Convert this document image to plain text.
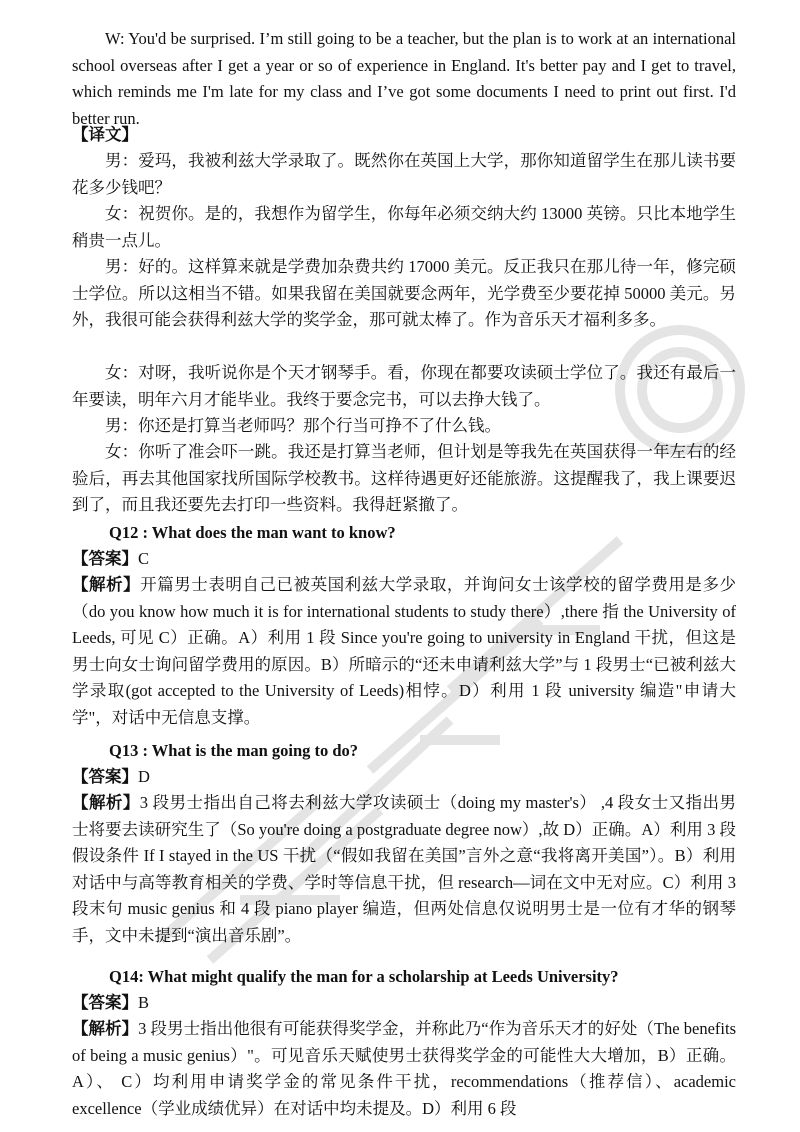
W: You'd be surprised. I’m still going to be a teacher, but the plan is to work at an international school overseas after I get a year or so of experience in England. It's better pay and I get to travel, which reminds me I'm late for my class and I’ve got some documents I need to print out first. I'd better run.

【译文】

男：爱玛，我被利兹大学录取了。既然你在英国上大学，那你知道留学生在那儿读书要花多少钱吧？

女：祝贺你。是的，我想作为留学生，你每年必须交纳大约 13000 英镑。只比本地学生稍贵一点儿。

男：好的。这样算来就是学费加杂费共约 17000 美元。反正我只在那儿待一年，修完硕士学位。所以这相当不错。如果我留在美国就要念两年，光学费至少要花掉 50000 美元。另外，我很可能会获得利兹大学的奖学金，那可就太棒了。作为音乐天才福利多多。

女：对呀，我听说你是个天才钢琴手。看，你现在都要攻读硕士学位了。我还有最后一年要读，明年六月才能毕业。我终于要念完书，可以去挣大钱了。

男：你还是打算当老师吗？那个行当可挣不了什么钱。

女：你听了准会吓一跳。我还是打算当老师，但计划是等我先在英国获得一年左右的经验后，再去其他国家找所国际学校教书。这样待遇更好还能旅游。这提醒我了，我上课要迟到了，而且我还要先去打印一些资料。我得赶紧撤了。

Q12 : What does the man want to know?

【答案】C

【解析】开篇男士表明自己已被英国利兹大学录取，并询问女士该学校的留学费用是多少（do you know how much it is for international students to study there）,there 指 the University of Leeds, 可见 C）正确。A）利用 1 段 Since you're going to university in England 干扰，但这是男士向女士询问留学费用的原因。B）所暗示的“还未申请利兹大学”与 1 段男士“已被利兹大学录取(got accepted to the University of Leeds)相悖。D）利用 1 段 university 编造"申请大学"，对话中无信息支撑。

Q13 : What is the man going to do?

【答案】D

【解析】3 段男士指出自己将去利兹大学攻读硕士（doing my master's） ,4 段女士又指出男士将要去读研究生了（So you're doing a postgraduate degree now）,故 D）正确。A）利用 3 段假设条件 If I stayed in the US 干扰（“假如我留在美国”言外之意“我将离开美国”）。B）利用对话中与高等教育相关的学费、学时等信息干扰，但 research—词在文中无对应。C）利用 3 段末句 music genius 和 4 段 piano player 编造，但两处信息仅说明男士是一位有才华的钢琴手，文中未提到“演出音乐剧”。

Q14: What might qualify the man for a scholarship at Leeds University?

【答案】B

【解析】3 段男士指出他很有可能获得奖学金，并称此乃“作为音乐天才的好处（The benefits of being a music genius）"。可见音乐天赋使男士获得奖学金的可能性大大增加，B）正确。A）、 C）均利用申请奖学金的常见条件干扰，recommendations（推荐信）、academic excellence（学业成绩优异）在对话中均未提及。D）利用 6 段
